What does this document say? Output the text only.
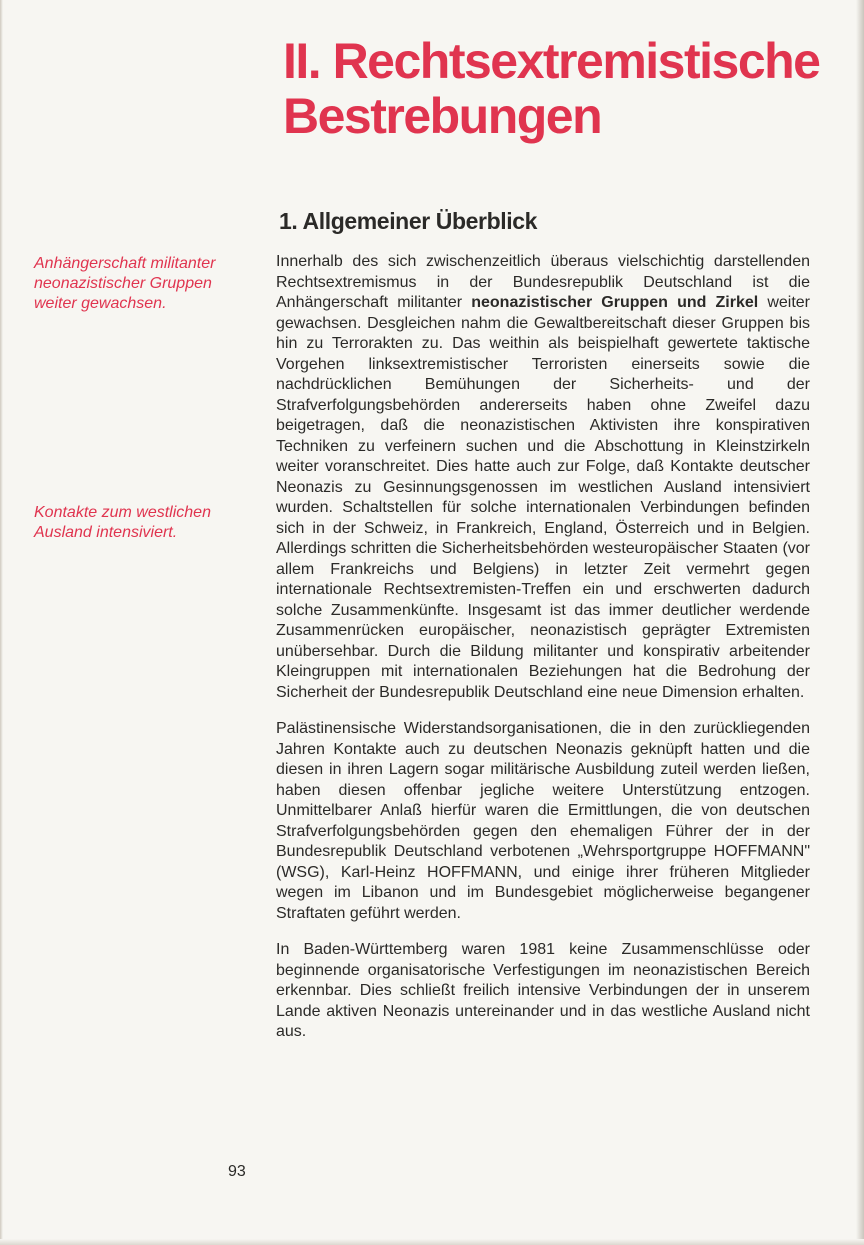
II. Rechtsextremistische
Bestrebungen
1. Allgemeiner Überblick

Anhängerschaft militanter neonazistischer Gruppen weiter gewachsen.

Kontakte zum westlichen Ausland intensiviert.

Innerhalb des sich zwischenzeitlich überaus vielschichtig darstellenden Rechtsextremismus in der Bundesrepublik Deutschland ist die Anhängerschaft militanter neonazistischer Gruppen und Zirkel weiter gewachsen. Desgleichen nahm die Gewaltbereitschaft dieser Gruppen bis hin zu Terrorakten zu. Das weithin als beispielhaft gewertete taktische Vorgehen linksextremistischer Terroristen einerseits sowie die nachdrücklichen Bemühungen der Sicherheits- und der Strafverfolgungsbehörden andererseits haben ohne Zweifel dazu beigetragen, daß die neonazistischen Aktivisten ihre konspirativen Techniken zu verfeinern suchen und die Abschottung in Kleinstzirkeln weiter voranschreitet. Dies hatte auch zur Folge, daß Kontakte deutscher Neonazis zu Gesinnungsgenossen im westlichen Ausland intensiviert wurden. Schaltstellen für solche internationalen Verbindungen befinden sich in der Schweiz, in Frankreich, England, Österreich und in Belgien. Allerdings schritten die Sicherheitsbehörden westeuropäischer Staaten (vor allem Frankreichs und Belgiens) in letzter Zeit vermehrt gegen internationale Rechtsextremisten-Treffen ein und erschwerten dadurch solche Zusammenkünfte. Insgesamt ist das immer deutlicher werdende Zusammenrücken europäischer, neonazistisch geprägter Extremisten unübersehbar. Durch die Bildung militanter und konspirativ arbeitender Kleingruppen mit internationalen Beziehungen hat die Bedrohung der Sicherheit der Bundesrepublik Deutschland eine neue Dimension erhalten.

Palästinensische Widerstandsorganisationen, die in den zurückliegenden Jahren Kontakte auch zu deutschen Neonazis geknüpft hatten und die diesen in ihren Lagern sogar militärische Ausbildung zuteil werden ließen, haben diesen offenbar jegliche weitere Unterstützung entzogen. Unmittelbarer Anlaß hierfür waren die Ermittlungen, die von deutschen Strafverfolgungsbehörden gegen den ehemaligen Führer der in der Bundesrepublik Deutschland verbotenen „Wehrsportgruppe HOFFMANN" (WSG), Karl-Heinz HOFFMANN, und einige ihrer früheren Mitglieder wegen im Libanon und im Bundesgebiet möglicherweise begangener Straftaten geführt werden.

In Baden-Württemberg waren 1981 keine Zusammenschlüsse oder beginnende organisatorische Verfestigungen im neonazistischen Bereich erkennbar. Dies schließt freilich intensive Verbindungen der in unserem Lande aktiven Neonazis untereinander und in das westliche Ausland nicht aus.

93
